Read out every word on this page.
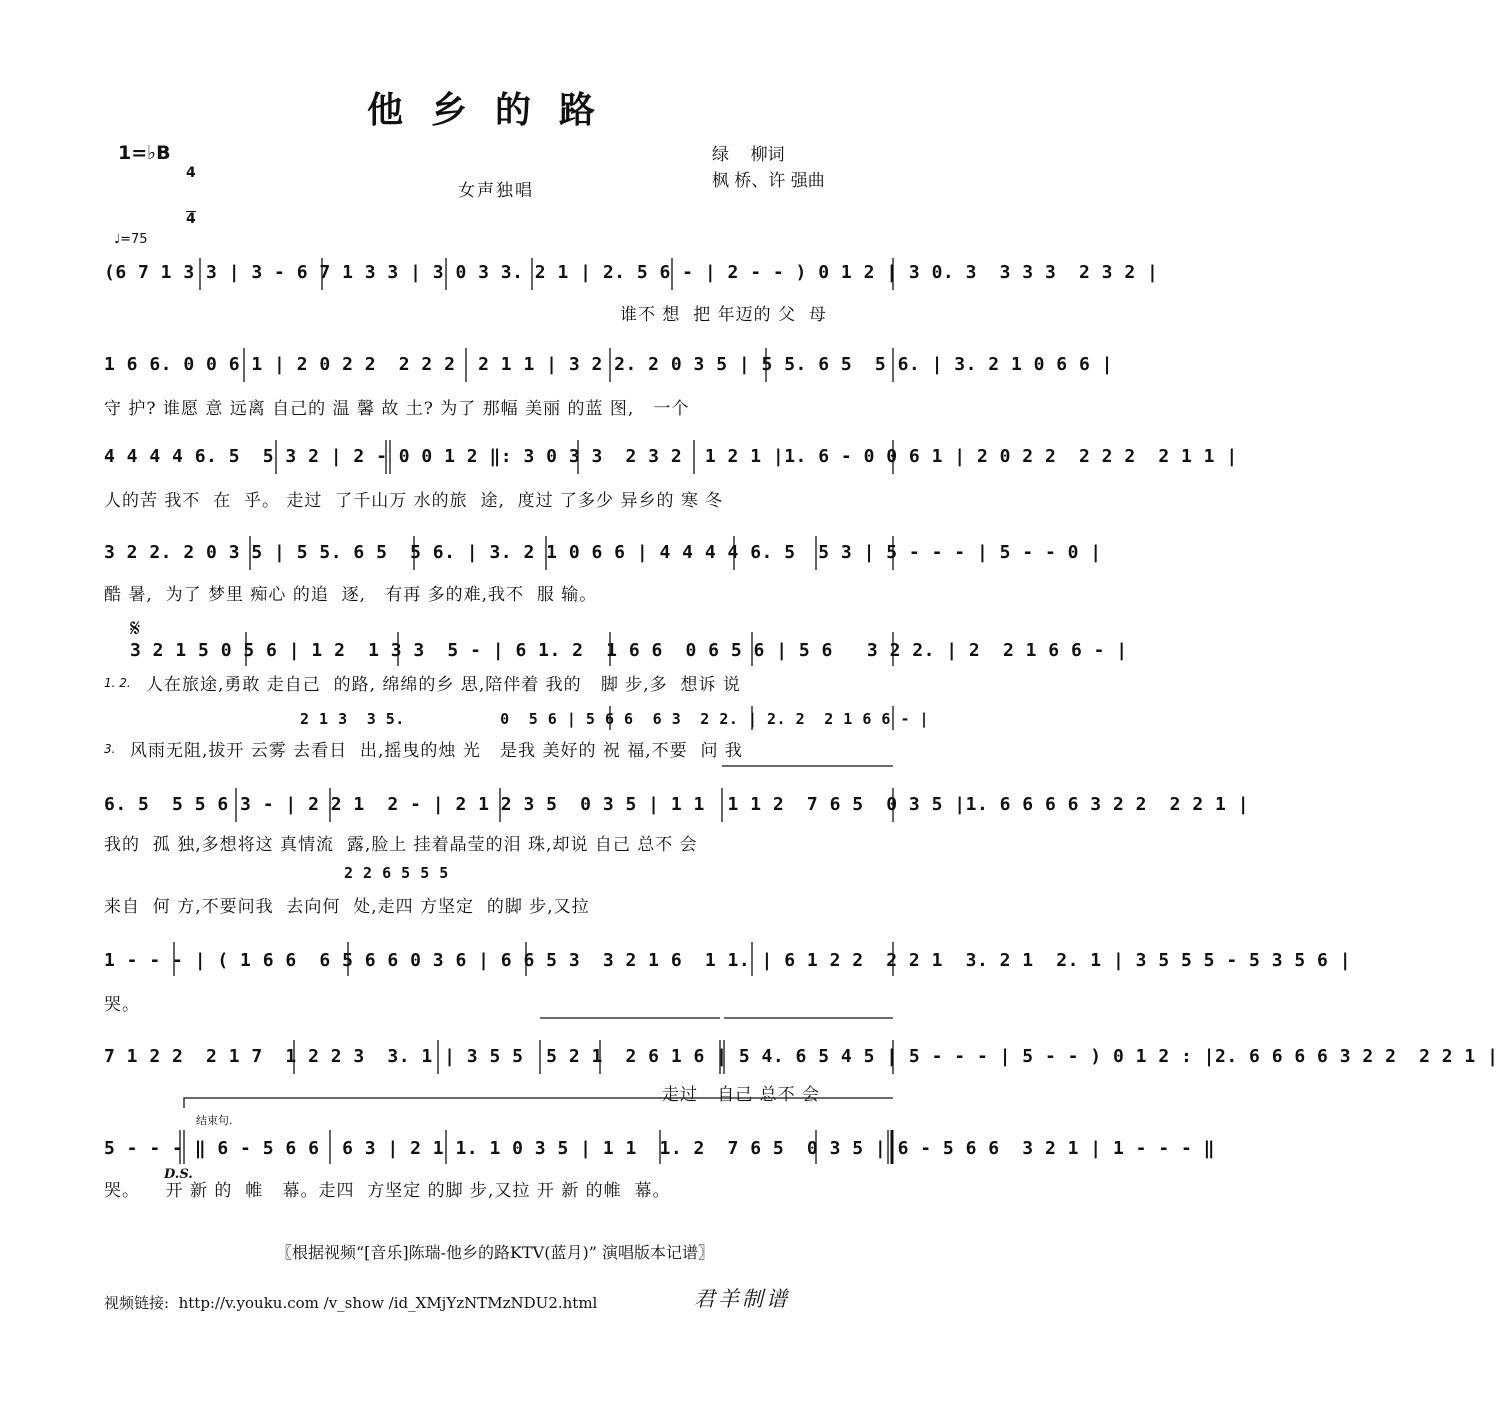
他乡的路
1=♭B

4

4

女声独唱
绿    柳词
枫 桥、许 强曲
♩=75
(6 7 1 3 3 | 3 - 6 7 1 3 3 | 3 0 3 3. 2 1 | 2. 5 6 - | 2 - - ) 0 1 2 | 3 0. 3  3 3 3  2 3 2 |
谁不 想  把 年迈的 父  母
1 6 6. 0 0 6 1 | 2 0 2 2  2 2 2  2 1 1 | 3 2 2. 2 0 3 5 | 5 5. 6 5  5 6. | 3. 2 1 0 6 6 |
守 护? 谁愿 意 远离 自己的 温 馨 故 土? 为了 那幅 美丽 的蓝 图,   一个
4 4 4 4 6. 5  5 3 2 | 2 - 0 0 1 2 ‖: 3 0 3 3  2 3 2  1 2 1 |1. 6 - 0 0 6 1 | 2 0 2 2  2 2 2  2 1 1 |
人的苦 我不  在  乎。 走过  了千山万 水的旅  途,  度过 了多少 异乡的 寒 冬
3 2 2. 2 0 3 5 | 5 5. 6 5  5 6. | 3. 2 1 0 6 6 | 4 4 4 4 6. 5  5 3 | 5 - - - | 5 - - 0 |
酷 暑,  为了 梦里 痴心 的追  逐,   有再 多的难,我不  服 输。
𝄋
3 2 1 5 0 5 6 | 1 2  1 3 3  5 - | 6 1. 2  1 6 6  0 6 5 6 | 5 6   3 2 2. | 2  2 1 6 6 - |
1. 2. 人在旅途,勇敢 走自己  的路, 绵绵的乡 思,陪伴着 我的   脚 步,多  想诉 说
2 1 3  3 5.          0  5 6 | 5 6 6  6 3  2 2. | 2. 2  2 1 6 6 - |
3. 风雨无阻,拔开 云雾 去看日  出,摇曳的烛 光   是我 美好的 祝 福,不要  问 我
6. 5  5 5 6 3 - | 2 2 1  2 - | 2 1 2 3 5  0 3 5 | 1 1  1 1 2  7 6 5  0 3 5 |1. 6 6 6 6 3 2 2  2 2 1 |
我的  孤 独,多想将这 真情流  露,脸上 挂着晶莹的泪 珠,却说 自己 总不 会
2 2 6 5 5 5
来自  何 方,不要问我  去向何  处,走四 方坚定  的脚 步,又拉
1 - - - | ( 1 6 6  6 5 6 6 0 3 6 | 6 6 5 3  3 2 1 6  1 1. | 6 1 2 2  2 2 1  3. 2 1  2. 1 | 3 5 5 5 - 5 3 5 6 |
哭。
7 1 2 2  2 1 7  1 2 2 3  3. 1 | 3 5 5  5 2 1  2 6 1 6 | 5 4. 6 5 4 5 | 5 - - - | 5 - - ) 0 1 2 : |2. 6 6 6 6 3 2 2  2 2 1 |
走过   自己 总不 会
结束句.
5 - - - ‖ 6 - 5 6 6  6 3 | 2 1 1. 1 0 3 5 | 1 1  1. 2  7 6 5  0 3 5 | 6 - 5 6 6  3 2 1 | 1 - - - ‖
D.S.
哭。    开 新 的  帷   幕。走四  方坚定 的脚 步,又拉 开 新 的帷  幕。
〖根据视频“[音乐]陈瑞-他乡的路KTV(蓝月)” 演唱版本记谱〗
视频链接: http://v.youku.com /v_show /id_XMjYzNTMzNDU2.html	君羊制谱
